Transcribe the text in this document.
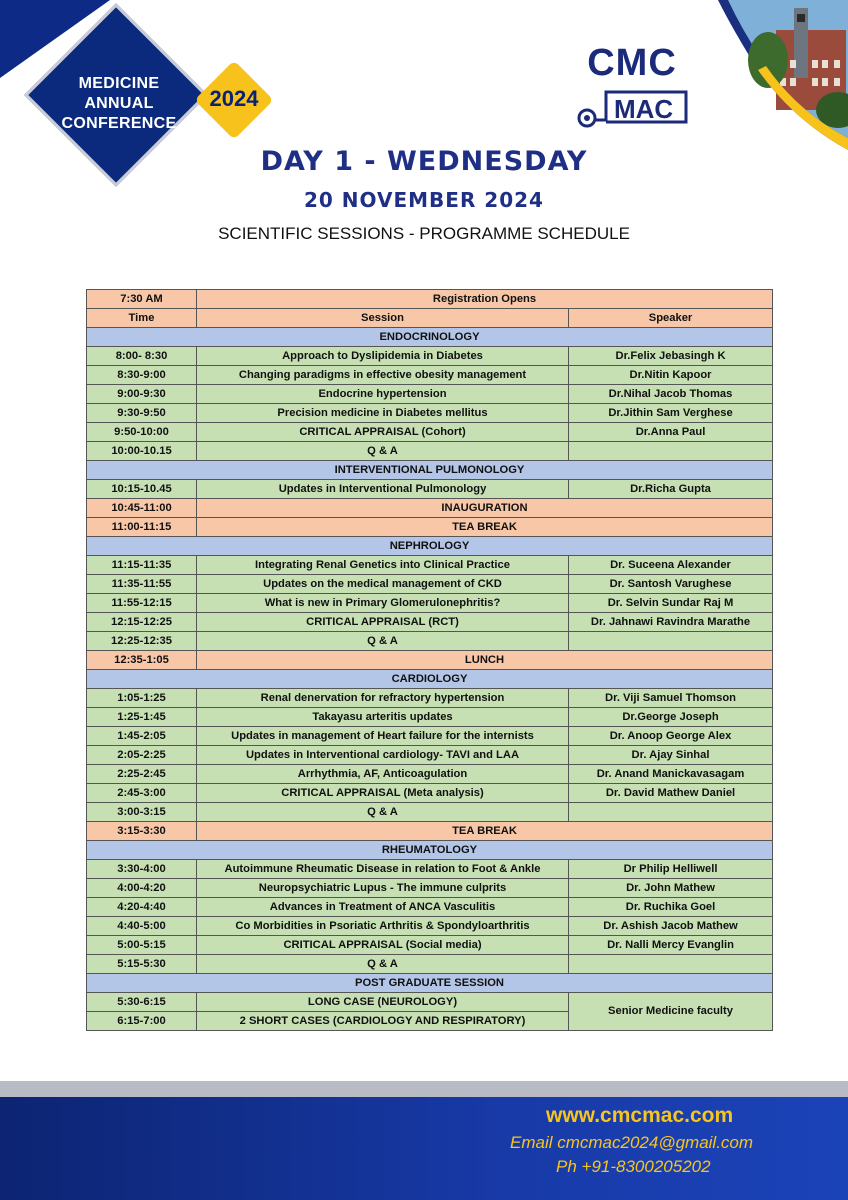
MEDICINE
ANNUAL
CONFERENCE
2024
CMC
MAC
DAY 1 - WEDNESDAY
20 NOVEMBER 2024
SCIENTIFIC SESSIONS - PROGRAMME SCHEDULE
7:30 AM	Registration Opens	
Time	Session	Speaker
ENDOCRINOLOGY		
8:00- 8:30	Approach to Dyslipidemia in Diabetes	Dr.Felix Jebasingh K
8:30-9:00	Changing paradigms in effective obesity management	Dr.Nitin Kapoor
9:00-9:30	Endocrine hypertension	Dr.Nihal Jacob Thomas
9:30-9:50	Precision medicine in Diabetes mellitus	Dr.Jithin Sam Verghese
9:50-10:00	CRITICAL APPRAISAL (Cohort)	Dr.Anna Paul
10:00-10.15	Q & A	
INTERVENTIONAL PULMONOLOGY		
10:15-10.45	Updates in Interventional Pulmonology	Dr.Richa Gupta
10:45-11:00	INAUGURATION	
11:00-11:15	TEA BREAK	
NEPHROLOGY		
11:15-11:35	Integrating Renal Genetics into Clinical Practice	Dr. Suceena Alexander
11:35-11:55	Updates on the medical management of CKD	Dr. Santosh Varughese
11:55-12:15	What is new in Primary Glomerulonephritis?	Dr. Selvin Sundar Raj M
12:15-12:25	CRITICAL APPRAISAL (RCT)	Dr. Jahnawi Ravindra Marathe
12:25-12:35	Q & A	
12:35-1:05	LUNCH	
CARDIOLOGY		
1:05-1:25	Renal denervation for refractory hypertension	Dr. Viji Samuel Thomson
1:25-1:45	Takayasu arteritis updates	Dr.George Joseph
1:45-2:05	Updates in management of Heart failure for the internists	Dr. Anoop George Alex
2:05-2:25	Updates in Interventional cardiology- TAVI and LAA	Dr. Ajay Sinhal
2:25-2:45	Arrhythmia, AF, Anticoagulation	Dr. Anand Manickavasagam
2:45-3:00	CRITICAL APPRAISAL (Meta analysis)	Dr. David Mathew Daniel
3:00-3:15	Q & A	
3:15-3:30	TEA BREAK	
RHEUMATOLOGY		
3:30-4:00	Autoimmune Rheumatic Disease in relation to Foot & Ankle	Dr Philip Helliwell
4:00-4:20	Neuropsychiatric Lupus - The immune culprits	Dr. John Mathew
4:20-4:40	Advances in Treatment of ANCA Vasculitis	Dr. Ruchika Goel
4:40-5:00	Co Morbidities in Psoriatic Arthritis & Spondyloarthritis	Dr. Ashish Jacob Mathew
5:00-5:15	CRITICAL APPRAISAL (Social media)	Dr. Nalli Mercy Evanglin
5:15-5:30	Q & A	
POST GRADUATE SESSION		
5:30-6:15	LONG CASE (NEUROLOGY)	Senior Medicine faculty
6:15-7:00	2 SHORT CASES (CARDIOLOGY AND RESPIRATORY)	
www.cmcmac.com
Email cmcmac2024@gmail.com
Ph +91-8300205202
